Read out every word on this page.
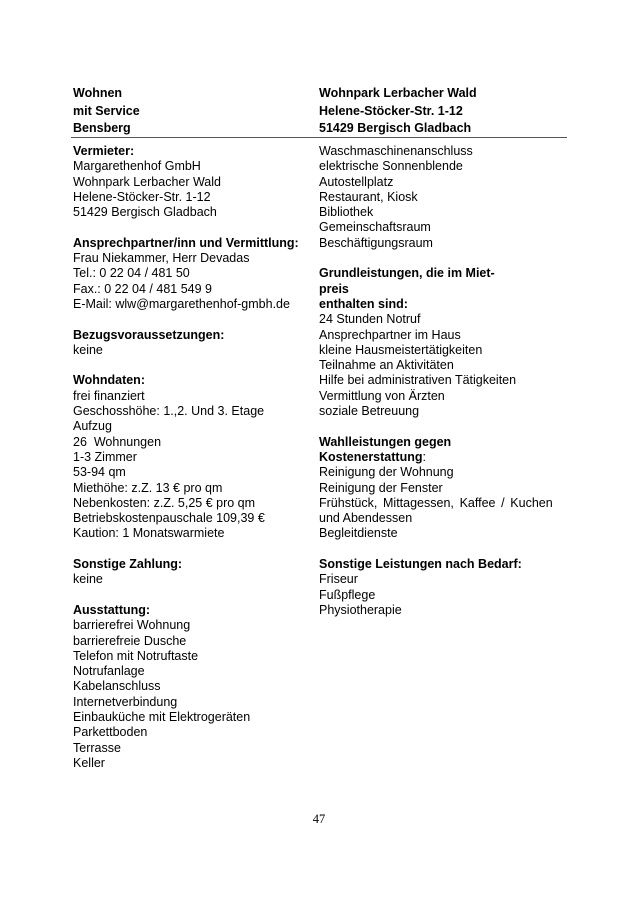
Wohnen
mit Service
Bensberg
Wohnpark Lerbacher Wald
Helene-Stöcker-Str. 1-12
51429 Bergisch Gladbach
Vermieter:
Margarethenhof GmbH
Wohnpark Lerbacher Wald
Helene-Stöcker-Str. 1-12
51429 Bergisch Gladbach
Ansprechpartner/inn und Vermittlung:
Frau Niekammer, Herr Devadas
Tel.: 0 22 04 / 481 50
Fax.: 0 22 04 / 481 549 9
E-Mail: wlw@margarethenhof-gmbh.de
Bezugsvoraussetzungen:
keine
Wohndaten:
frei finanziert
Geschosshöhe: 1.,2. Und 3. Etage
Aufzug
26  Wohnungen
1-3 Zimmer
53-94 qm
Miethöhe: z.Z. 13 € pro qm
Nebenkosten: z.Z. 5,25 € pro qm
Betriebskostenpauschale 109,39 €
Kaution: 1 Monatswarmiete
Sonstige Zahlung:
keine
Ausstattung:
barrierefrei Wohnung
barrierefreie Dusche
Telefon mit Notruftaste
Notrufanlage
Kabelanschluss
Internetverbindung
Einbauküche mit Elektrogeräten
Parkettboden
Terrasse
Keller
Waschmaschinenanschluss
elektrische Sonnenblende
Autostellplatz
Restaurant, Kiosk
Bibliothek
Gemeinschaftsraum
Beschäftigungsraum
Grundleistungen, die im Miet-
preis
enthalten sind:
24 Stunden Notruf
Ansprechpartner im Haus
kleine Hausmeistertätigkeiten
Teilnahme an Aktivitäten
Hilfe bei administrativen Tätigkeiten
Vermittlung von Ärzten
soziale Betreuung
Wahlleistungen gegen
Kostenerstattung:
Reinigung der Wohnung
Reinigung der Fenster
Frühstück, Mittagessen, Kaffee / Kuchen
und Abendessen
Begleitdienste
Sonstige Leistungen nach Bedarf:
Friseur
Fußpflege
Physiotherapie
47
